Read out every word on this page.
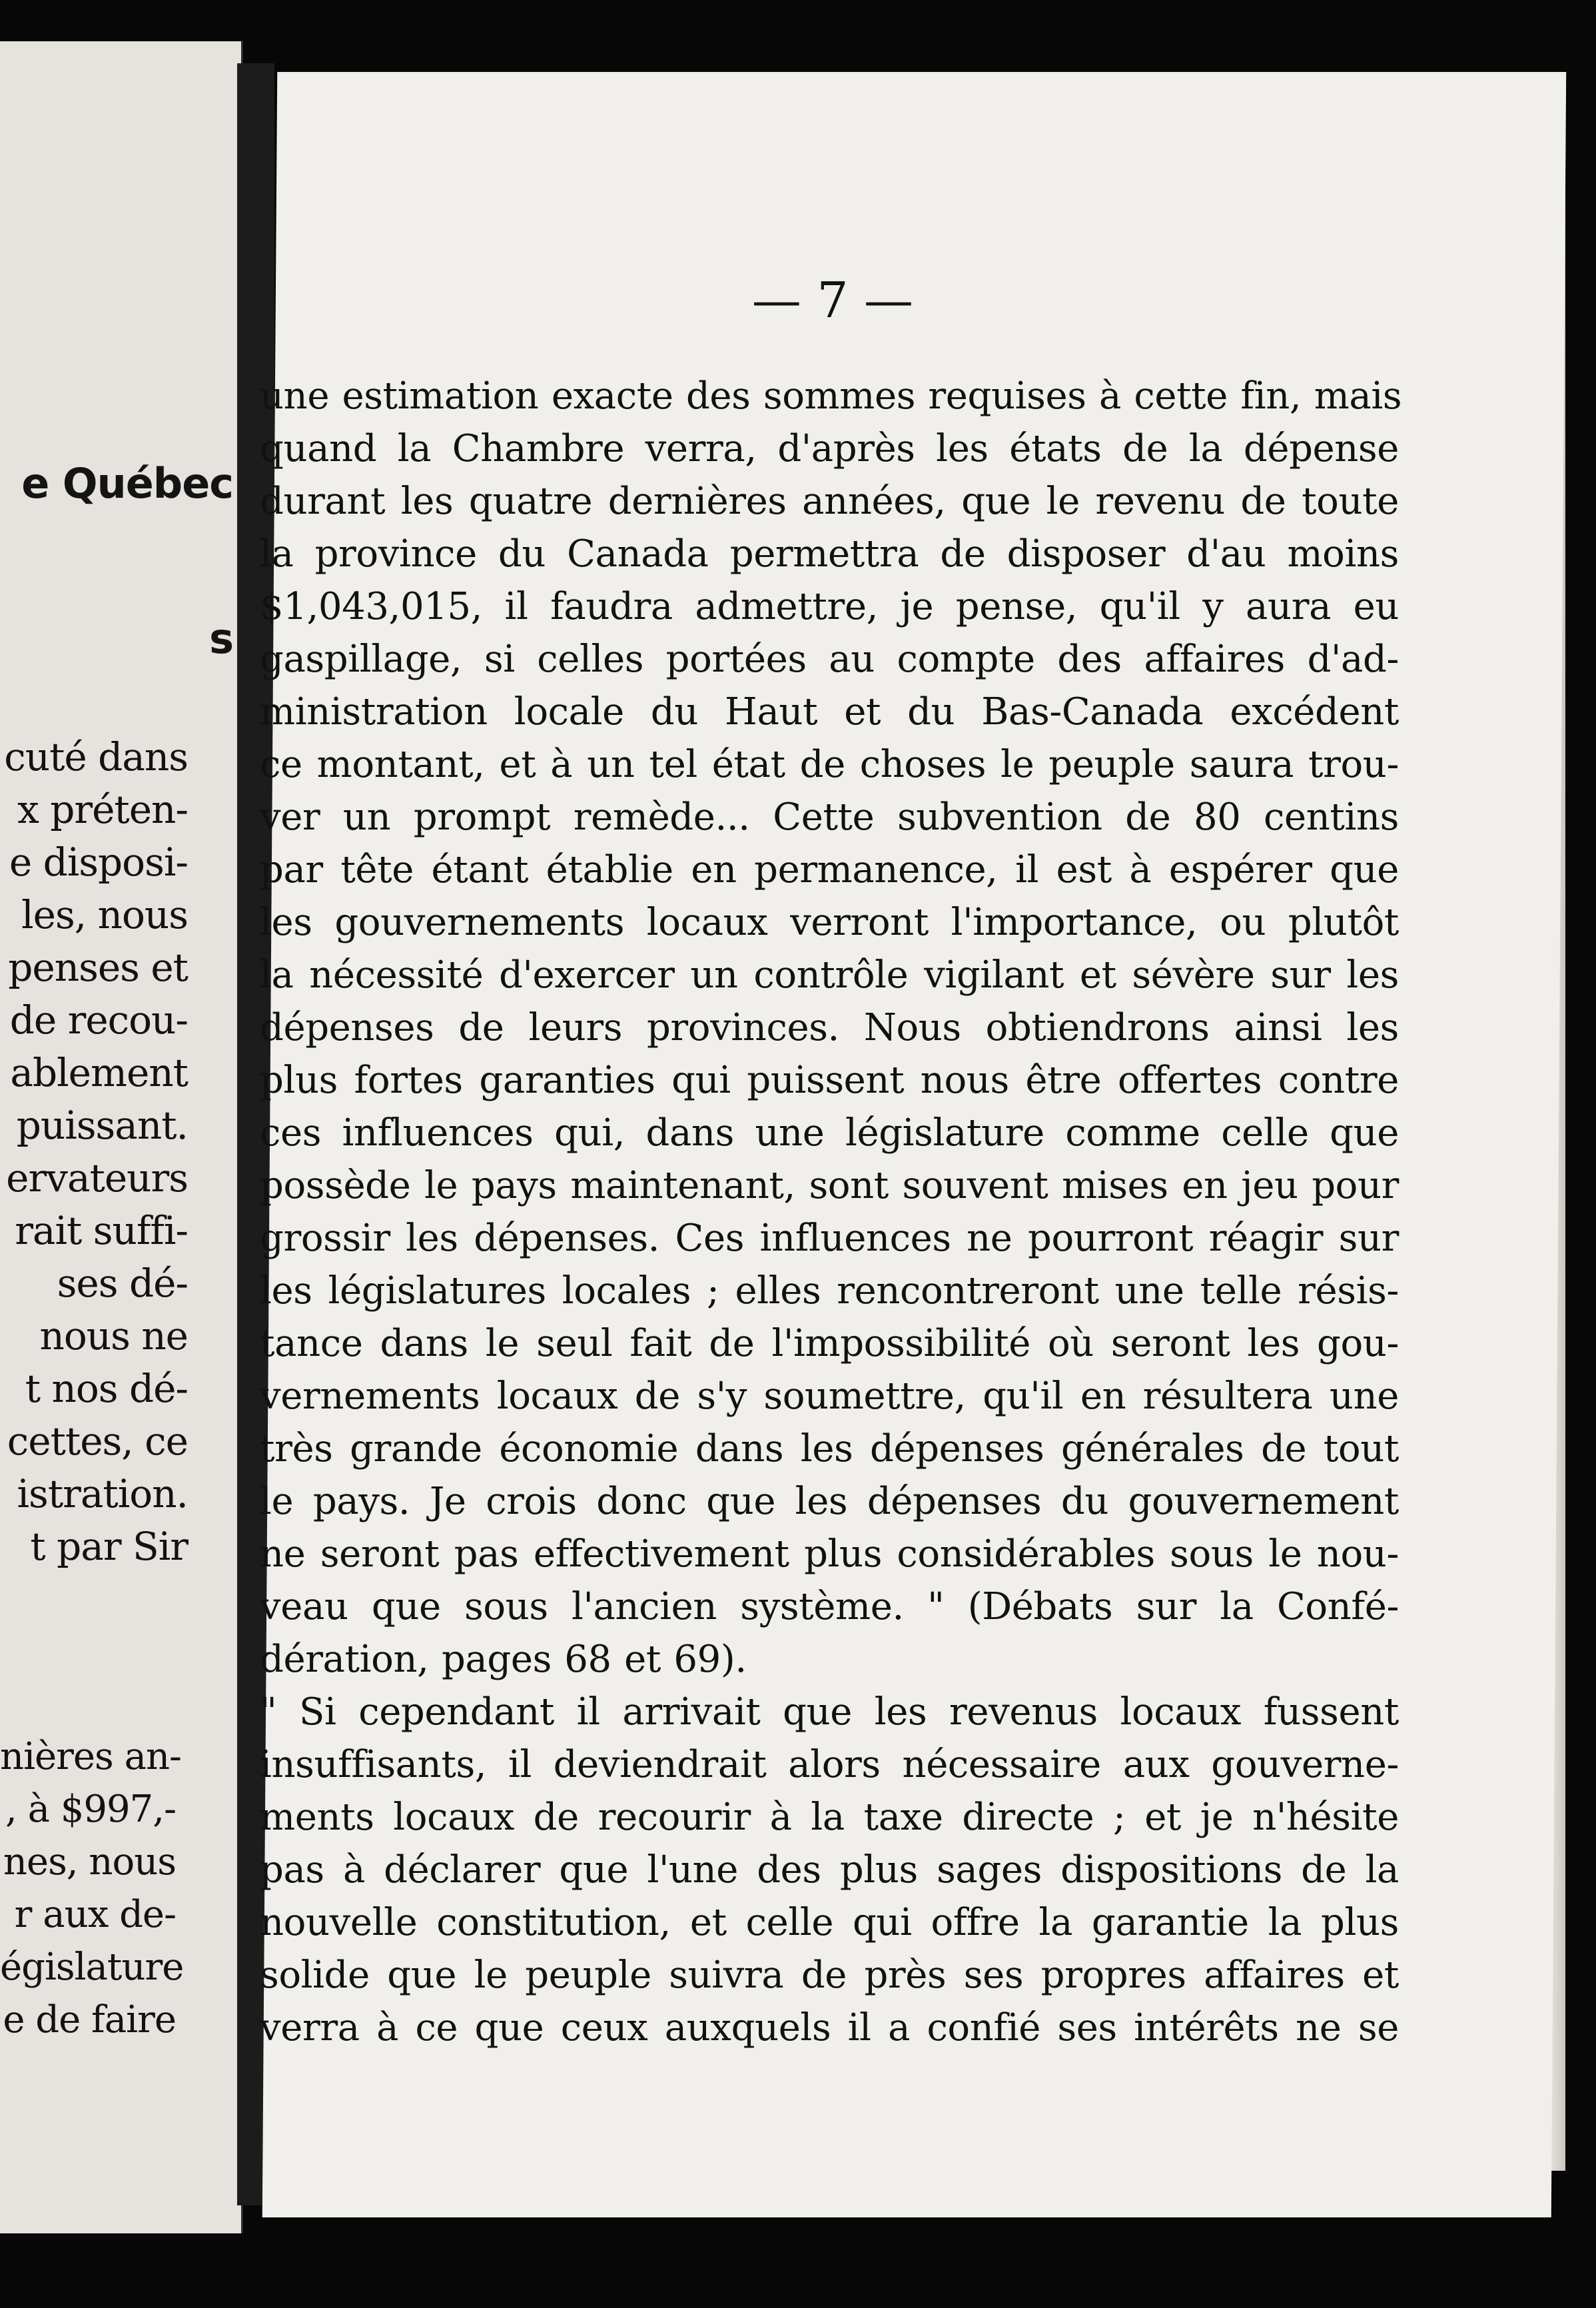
e Québec

s

cuté dans
x préten-
e disposi-
les, nous
penses et
de recou-
ablement
puissant.
ervateurs
rait suffi-
ses dé-
nous ne
t nos dé-
cettes, ce
istration.
t par Sir
nières an-
, à $997,-
nes, nous
r aux de-
égislature
e de faire
— 7 —
une estimation exacte des sommes requises à cette fin, mais
quand la Chambre verra, d'après les états de la dépense
durant les quatre dernières années, que le revenu de toute
la province du Canada permettra de disposer d'au moins
$1,043,015, il faudra admettre, je pense, qu'il y aura eu
gaspillage, si celles portées au compte des affaires d'ad-
ministration locale du Haut et du Bas-Canada excédent
ce montant, et à un tel état de choses le peuple saura trou-
ver un prompt remède... Cette subvention de 80 centins
par tête étant établie en permanence, il est à espérer que
les gouvernements locaux verront l'importance, ou plutôt
la nécessité d'exercer un contrôle vigilant et sévère sur les
dépenses de leurs provinces. Nous obtiendrons ainsi les
plus fortes garanties qui puissent nous être offertes contre
ces influences qui, dans une législature comme celle que
possède le pays maintenant, sont souvent mises en jeu pour
grossir les dépenses. Ces influences ne pourront réagir sur
les législatures locales ; elles rencontreront une telle résis-
tance dans le seul fait de l'impossibilité où seront les gou-
vernements locaux de s'y soumettre, qu'il en résultera une
très grande économie dans les dépenses générales de tout
le pays. Je crois donc que les dépenses du gouvernement
ne seront pas effectivement plus considérables sous le nou-
veau que sous l'ancien système. " (Débats sur la Confé-
dération, pages 68 et 69).
" Si cependant il arrivait que les revenus locaux fussent
insuffisants, il deviendrait alors nécessaire aux gouverne-
ments locaux de recourir à la taxe directe ; et je n'hésite
pas à déclarer que l'une des plus sages dispositions de la
nouvelle constitution, et celle qui offre la garantie la plus
solide que le peuple suivra de près ses propres affaires et
verra à ce que ceux auxquels il a confié ses intérêts ne se
